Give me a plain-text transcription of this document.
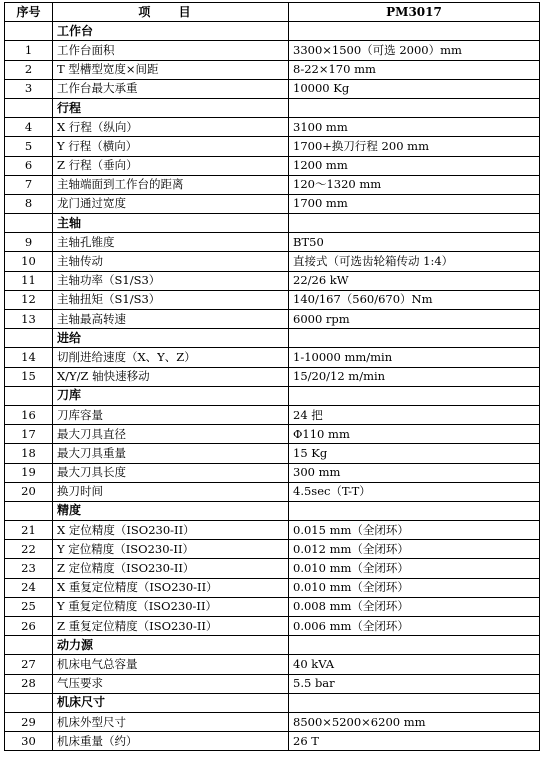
序号	项 目	PM3017
	工作台	
1	工作台面积	3300×1500（可选 2000）mm
2	T 型槽型宽度×间距	8-22×170 mm
3	工作台最大承重	10000 Kg
	行程	
4	X 行程（纵向）	3100 mm
5	Y 行程（横向）	1700+换刀行程 200 mm
6	Z 行程（垂向）	1200 mm
7	主轴端面到工作台的距离	120～1320 mm
8	龙门通过宽度	1700 mm
	主轴	
9	主轴孔锥度	BT50
10	主轴传动	直接式（可选齿轮箱传动 1:4）
11	主轴功率（S1/S3）	22/26 kW
12	主轴扭矩（S1/S3）	140/167（560/670）Nm
13	主轴最高转速	6000 rpm
	进给	
14	切削进给速度（X、Y、Z）	1-10000 mm/min
15	X/Y/Z 轴快速移动	15/20/12 m/min
	刀库	
16	刀库容量	24 把
17	最大刀具直径	Φ110 mm
18	最大刀具重量	15 Kg
19	最大刀具长度	300 mm
20	换刀时间	4.5sec（T-T）
	精度	
21	X 定位精度（ISO230-II）	0.015 mm（全闭环）
22	Y 定位精度（ISO230-II）	0.012 mm（全闭环）
23	Z 定位精度（ISO230-II）	0.010 mm（全闭环）
24	X 重复定位精度（ISO230-II）	0.010 mm（全闭环）
25	Y 重复定位精度（ISO230-II）	0.008 mm（全闭环）
26	Z 重复定位精度（ISO230-II）	0.006 mm（全闭环）
	动力源	
27	机床电气总容量	40 kVA
28	气压要求	5.5 bar
	机床尺寸	
29	机床外型尺寸	8500×5200×6200 mm
30	机床重量（约）	26 T
